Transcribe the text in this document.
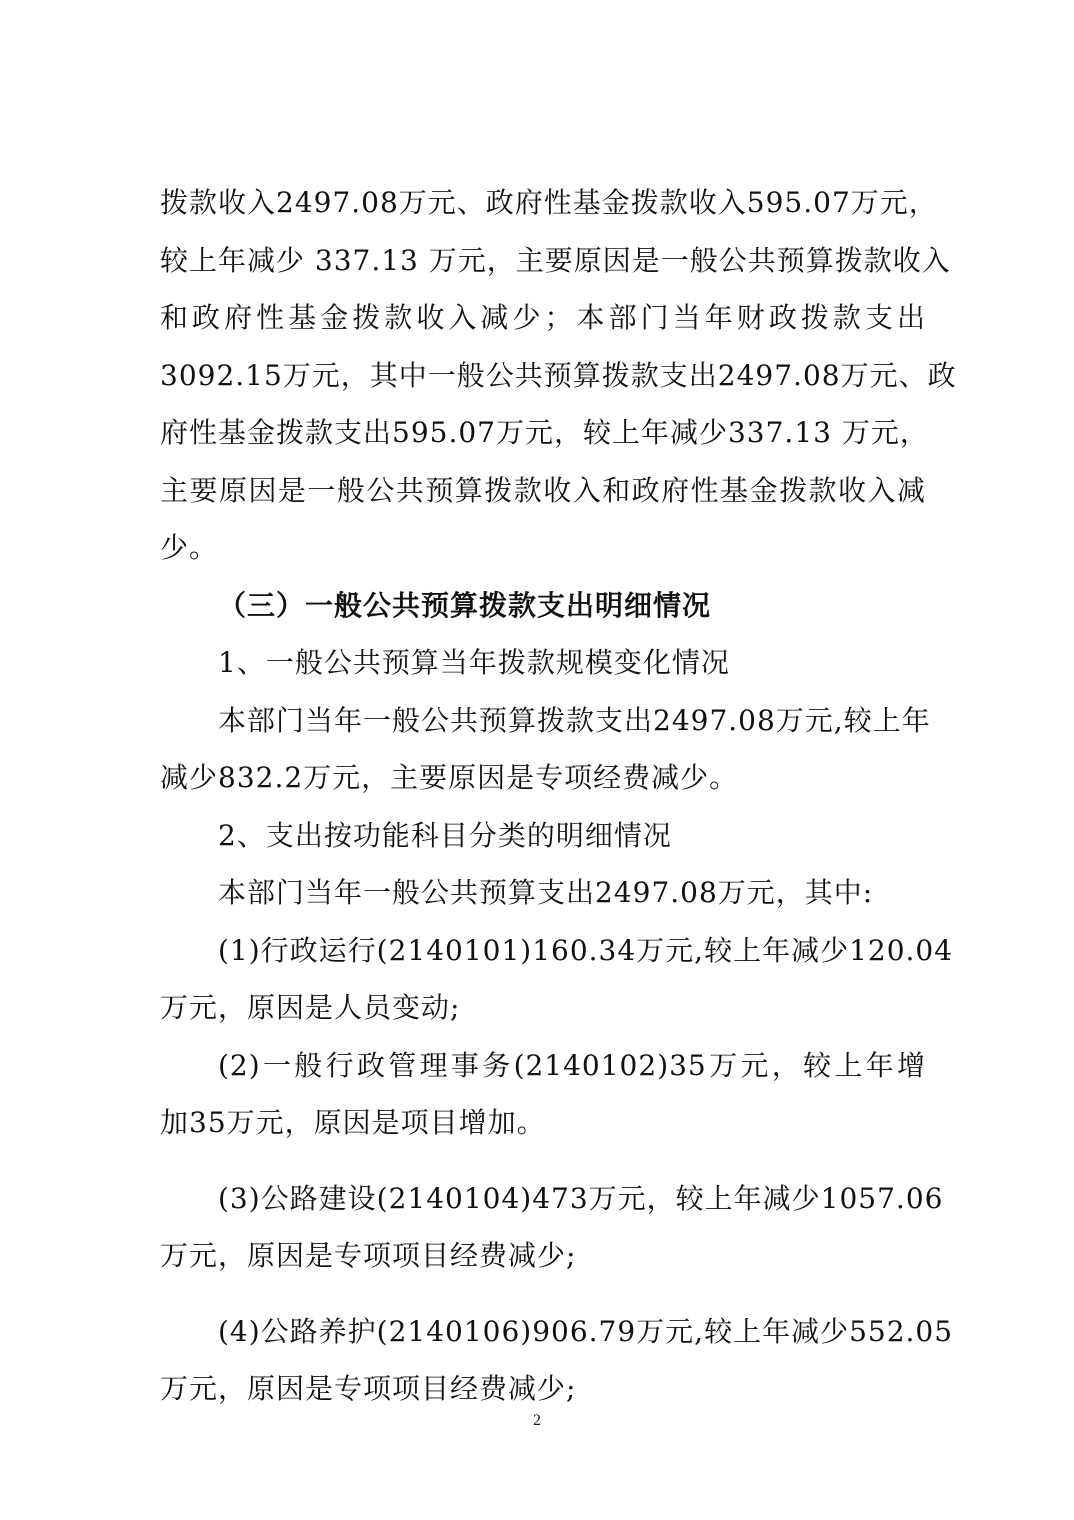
拨款收入2497.08万元、政府性基金拨款收入595.07万元，
较上年减少 337.13 万元，主要原因是一般公共预算拨款收入
和政府性基金拨款收入减少；本部门当年财政拨款支出
3092.15万元，其中一般公共预算拨款支出2497.08万元、政
府性基金拨款支出595.07万元，较上年减少337.13 万元，
主要原因是一般公共预算拨款收入和政府性基金拨款收入减
少。
（三）一般公共预算拨款支出明细情况
1、一般公共预算当年拨款规模变化情况
本部门当年一般公共预算拨款支出2497.08万元,较上年
减少832.2万元，主要原因是专项经费减少。
2、支出按功能科目分类的明细情况
本部门当年一般公共预算支出2497.08万元，其中:
(1)行政运行(2140101)160.34万元,较上年减少120.04
万元，原因是人员变动;
(2)一般行政管理事务(2140102)35万元，较上年增
加35万元，原因是项目增加。
(3)公路建设(2140104)473万元，较上年减少1057.06
万元，原因是专项项目经费减少;
(4)公路养护(2140106)906.79万元,较上年减少552.05
万元，原因是专项项目经费减少;
2
